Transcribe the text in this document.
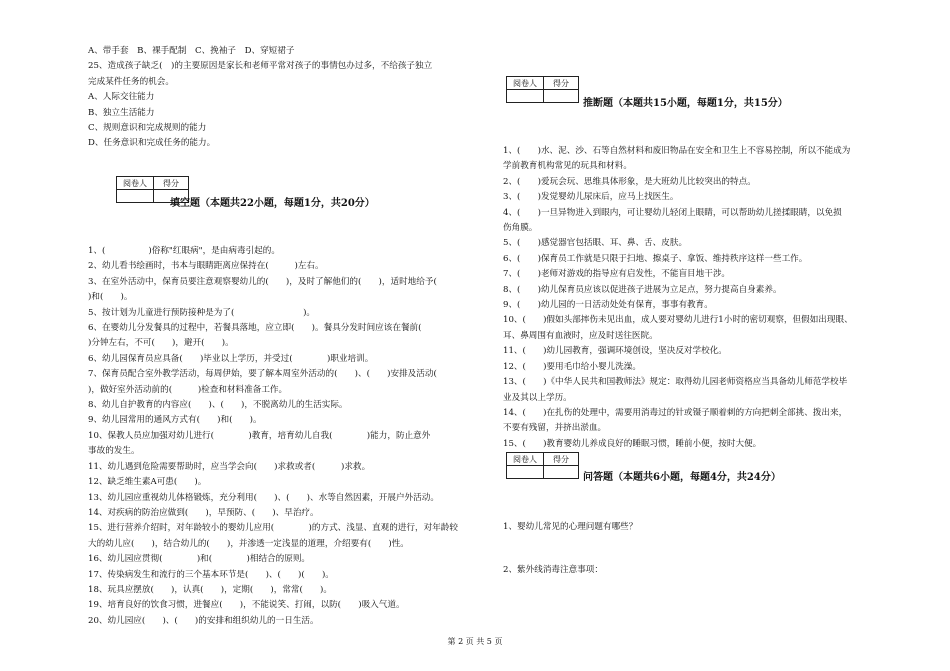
A、带手套　B、裸手配制　C、挽袖子　D、穿短裙子

25、造成孩子缺乏(　)的主要原因是家长和老师平常对孩子的事情包办过多，不给孩子独立

完成某件任务的机会。

A、人际交往能力

B、独立生活能力

C、规则意识和完成规则的能力

D、任务意识和完成任务的能力。

阅卷人	得分

填空题（本题共22小题，每题1分，共20分）

1、(　　　　　)俗称"红眼病"，是由病毒引起的。

2、幼儿看书绘画时，书本与眼睛距离应保持在(　　　)左右。

3、在室外活动中，保育员要注意观察婴幼儿的(　　)，及时了解他们的(　　)，适时地给予(

)和(　　)。

5、按计划为儿童进行预防接种是为了(　　　　　　　　)。

6、在婴幼儿分发餐具的过程中，若餐具落地，应立即(　　)。餐具分发时间应该在餐前(

)分钟左右，不可(　　)，避开(　　)。

6、幼儿园保育员应具备(　　)毕业以上学历，并受过(　　　　)职业培训。

7、保育员配合室外教学活动，每周伊始，要了解本周室外活动的(　　)、(　　)安排及活动(

)，做好室外活动前的(　　　)检查和材料准备工作。

8、幼儿自护教育的内容应(　　)、(　　)，不脱离幼儿的生活实际。

9、幼儿园常用的通风方式有(　　)和(　　)。

10、保教人员应加强对幼儿进行(　　　　)教育，培育幼儿自我(　　　　)能力，防止意外

事故的发生。

11、幼儿遇到危险需要帮助时，应当学会向(　　)求救或者(　　　)求救。

12、缺乏维生素A可患(　　)。

13、幼儿园应重视幼儿体格锻炼，充分利用(　　)、(　　)、水等自然因素，开展户外活动。

14、对疾病的防治应做到(　　)，早预防、(　　)、早治疗。

15、进行营养介绍时，对年龄较小的婴幼儿应用(　　　　)的方式、浅显、直观的进行，对年龄较

大的幼儿应(　　)，结合幼儿的(　　)，并渗透一定浅显的道理，介绍要有(　　)性。

16、幼儿园应贯彻(　　　　)和(　　　　)相结合的原则。

17、传染病发生和流行的三个基本环节是(　　)、(　　)(　　)。

18、玩具应摆放(　　)，认真(　　)，定期(　　)，常常(　　)。

19、培育良好的饮食习惯，进餐应(　　)，不能说笑、打闹，以防(　　)吸入气道。

20、幼儿园应(　　)、(　　)的安排和组织幼儿的一日生活。

阅卷人	得分

推断题（本题共15小题，每题1分，共15分）

1、(　　)水、泥、沙、石等自然材料和废旧物品在安全和卫生上不容易控制，所以不能成为

学前教育机构常见的玩具和材料。

2、(　　)爱玩会玩、思维具体形象，是大班幼儿比较突出的特点。

3、(　　)发觉婴幼儿尿床后，应马上找医生。

4、(　　)一旦异物进入到眼内，可让婴幼儿轻闭上眼睛，可以帮助幼儿搓揉眼睛，以免损

伤角膜。

5、(　　)感觉器官包括眼、耳、鼻、舌、皮肤。

6、(　　)保育员工作就是只限于扫地、擦桌子、拿饭、维持秩序这样一些工作。

7、(　　)老师对游戏的指导应有启发性，不能盲目地干涉。

8、(　　)幼儿保育员应该以促进孩子进展为立足点，努力提高自身素养。

9、(　　)幼儿园的一日活动处处有保育，事事有教育。

10、(　　)假如头部摔伤未见出血，成人要对婴幼儿进行1小时的密切观察，但假如出现眼、

耳、鼻周围有血液时，应及时送往医院。

11、(　　)幼儿园教育，强调环境创设，坚决反对学校化。

12、(　　)要用毛巾给小婴儿洗澡。

13、(　　)《中华人民共和国教师法》规定：取得幼儿园老师资格应当具备幼儿师范学校毕

业及其以上学历。

14、(　　)在扎伤的处理中，需要用消毒过的针或镊子顺着刺的方向把刺全部挑、拨出来，

不要有残留，并挤出淤血。

15、(　　)教育婴幼儿养成良好的睡眠习惯，睡前小便，按时大便。

阅卷人	得分

问答题（本题共6小题，每题4分，共24分）
1、婴幼儿常见的心理问题有哪些？
2、紫外线消毒注意事项：
第 2 页 共 5 页
